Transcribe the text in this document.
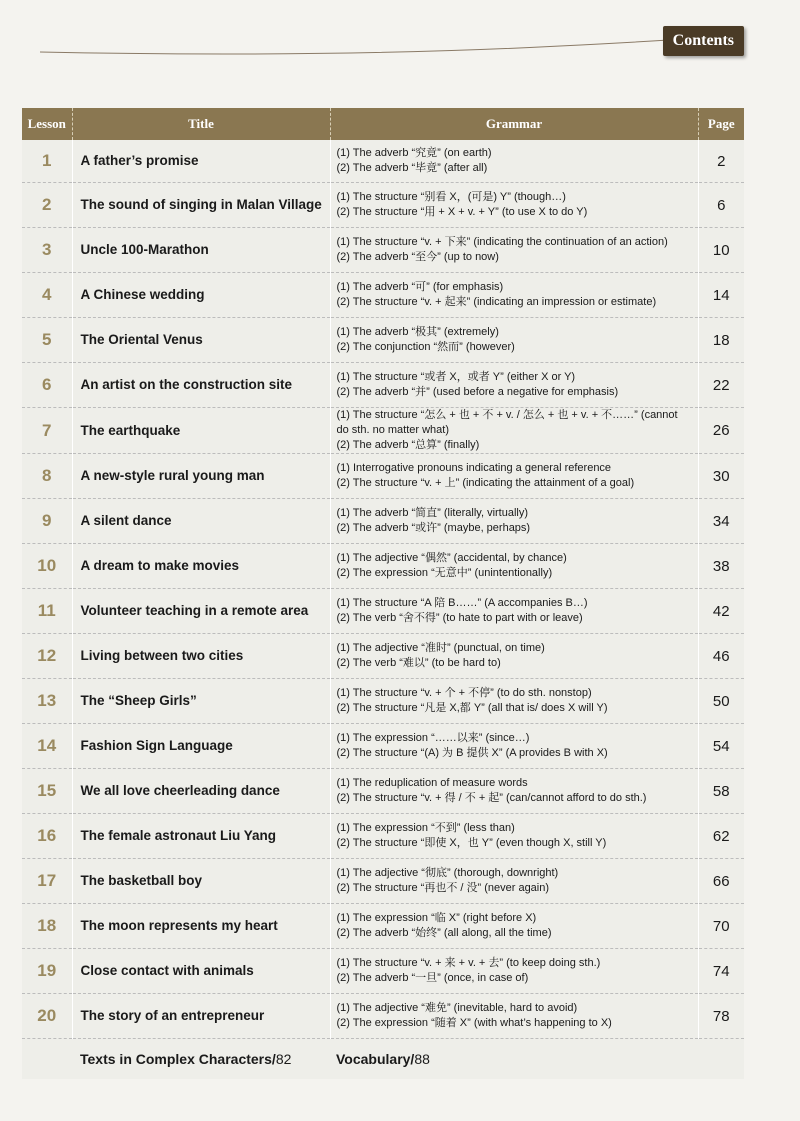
Contents
Lesson	Title	Grammar	Page
1	A father’s promise	(1) The adverb “究竟” (on earth)
(2) The adverb “毕竟” (after all)	2
2	The sound of singing in Malan Village	(1) The structure “别看 X，(可是) Y” (though…)
(2) The structure “用 + X + v. + Y” (to use X to do Y)	6
3	Uncle 100-Marathon	(1) The structure “v. + 下来” (indicating the continuation of an action)
(2) The adverb “至今” (up to now)	10
4	A Chinese wedding	(1) The adverb “可” (for emphasis)
(2) The structure “v. + 起来” (indicating an impression or estimate)	14
5	The Oriental Venus	(1) The adverb “极其” (extremely)
(2) The conjunction “然而” (however)	18
6	An artist on the construction site	(1) The structure “或者 X，或者 Y” (either X or Y)
(2) The adverb “并” (used before a negative for emphasis)	22
7	The earthquake	(1) The structure “怎么 + 也 + 不 + v. / 怎么 + 也 + v. + 不……” (cannot do sth. no matter what)
(2) The adverb “总算” (finally)	26
8	A new-style rural young man	(1) Interrogative pronouns indicating a general reference
(2) The structure “v. + 上” (indicating the attainment of a goal)	30
9	A silent dance	(1) The adverb “简直” (literally, virtually)
(2) The adverb “或许” (maybe, perhaps)	34
10	A dream to make movies	(1) The adjective “偶然” (accidental, by chance)
(2) The expression “无意中” (unintentionally)	38
11	Volunteer teaching in a remote area	(1) The structure “A 陪 B……” (A accompanies B…)
(2) The verb “舍不得” (to hate to part with or leave)	42
12	Living between two cities	(1) The adjective “准时” (punctual, on time)
(2) The verb “难以” (to be hard to)	46
13	The “Sheep Girls”	(1) The structure “v. + 个 + 不停” (to do sth. nonstop)
(2) The structure “凡是 X,都 Y” (all that is/ does X will Y)	50
14	Fashion Sign Language	(1) The expression “……以来” (since…)
(2) The structure “(A) 为 B 提供 X” (A provides B with X)	54
15	We all love cheerleading dance	(1) The reduplication of measure words
(2) The structure “v. + 得 / 不 + 起” (can/cannot afford to do sth.)	58
16	The female astronaut Liu Yang	(1) The expression “不到” (less than)
(2) The structure “即使 X，也 Y” (even though X, still Y)	62
17	The basketball boy	(1) The adjective “彻底” (thorough, downright)
(2) The structure “再也不 / 没” (never again)	66
18	The moon represents my heart	(1) The expression “临 X” (right before X)
(2) The adverb “始终” (all along, all the time)	70
19	Close contact with animals	(1) The structure “v. + 来 + v. + 去” (to keep doing sth.)
(2) The adverb “一旦” (once, in case of)	74
20	The story of an entrepreneur	(1) The adjective “难免” (inevitable, hard to avoid)
(2) The expression “随着 X” (with what’s happening to X)	78
Texts in Complex Characters/82		Vocabulary/88	
